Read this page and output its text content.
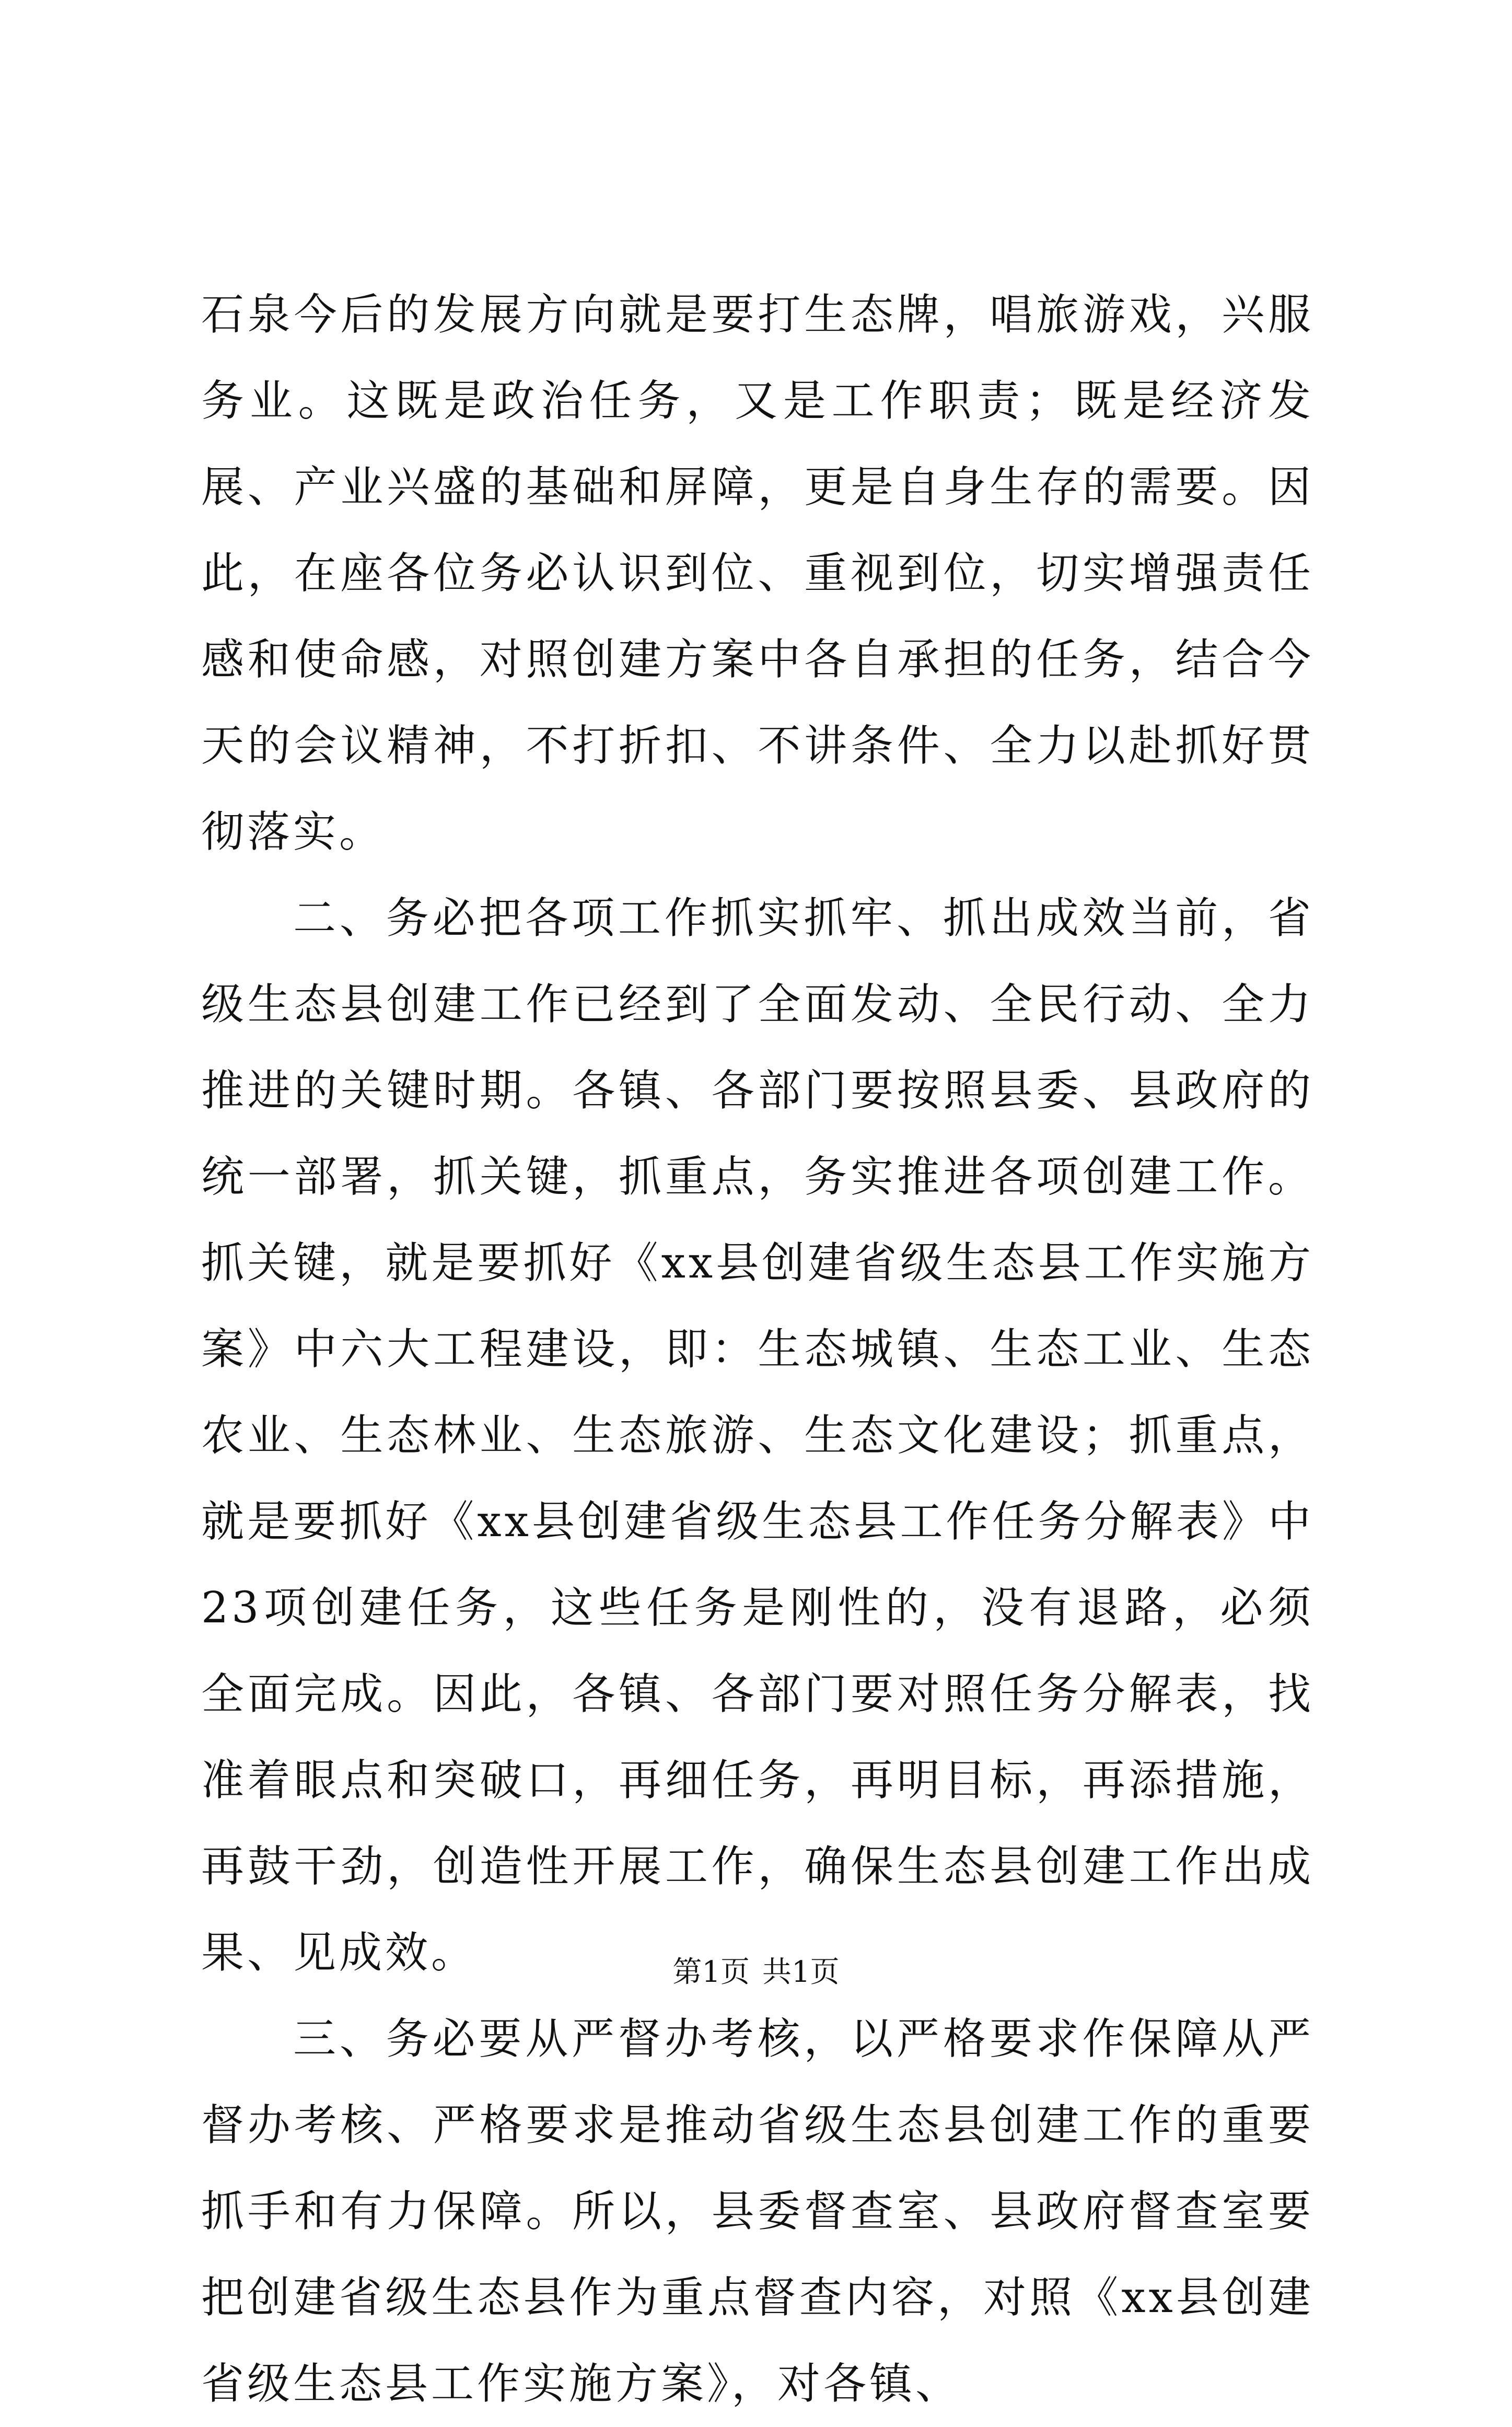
石泉今后的发展方向就是要打生态牌，唱旅游戏，兴服务业。这既是政治任务，又是工作职责；既是经济发展、产业兴盛的基础和屏障，更是自身生存的需要。因此，在座各位务必认识到位、重视到位，切实增强责任感和使命感，对照创建方案中各自承担的任务，结合今天的会议精神，不打折扣、不讲条件、全力以赴抓好贯彻落实。

二、务必把各项工作抓实抓牢、抓出成效当前，省级生态县创建工作已经到了全面发动、全民行动、全力推进的关键时期。各镇、各部门要按照县委、县政府的统一部署，抓关键，抓重点，务实推进各项创建工作。抓关键，就是要抓好《xx县创建省级生态县工作实施方案》中六大工程建设，即：生态城镇、生态工业、生态农业、生态林业、生态旅游、生态文化建设；抓重点，就是要抓好《xx县创建省级生态县工作任务分解表》中23项创建任务，这些任务是刚性的，没有退路，必须全面完成。因此，各镇、各部门要对照任务分解表，找准着眼点和突破口，再细任务，再明目标，再添措施，再鼓干劲，创造性开展工作，确保生态县创建工作出成果、见成效。

三、务必要从严督办考核，以严格要求作保障从严督办考核、严格要求是推动省级生态县创建工作的重要抓手和有力保障。所以，县委督查室、县政府督查室要把创建省级生态县作为重点督查内容，对照《xx县创建省级生态县工作实施方案》，对各镇、

第1页 共1页
